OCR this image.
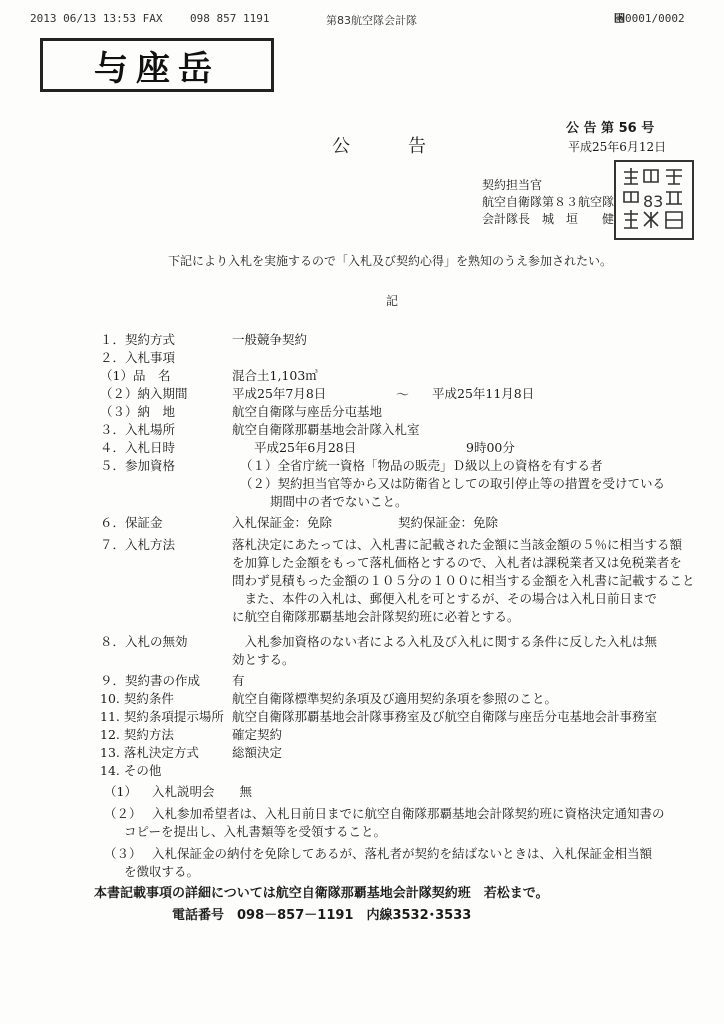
2013 06/13 13:53 FAX	098 857 1191	第83航空隊会計隊	⑖0001/0002
与座岳
公 告 第 56 号
平成25年6月12日
公告
契約担当官
航空自衛隊第８３航空隊
会計隊長　城　垣　　健
83
下記により入札を実施するので「入札及び契約心得」を熟知のうえ参加されたい。
記
１．契約方式	一般競争契約
２．入札事項
（1）品　名	混合土1,103㎥
（２）納入期間	平成25年7月8日	～ 平成25年11月8日
（３）納　地	航空自衛隊与座岳分屯基地
３．入札場所	航空自衛隊那覇基地会計隊入札室
４．入札日時	平成25年6月28日	9時00分
５．参加資格	（１）全省庁統一資格「物品の販売」Ｄ級以上の資格を有する者
（２）契約担当官等から又は防衛省としての取引停止等の措置を受けている
期間中の者でないこと。
６．保証金	入札保証金：免除	契約保証金：免除
７．入札方法	落札決定にあたっては、入札書に記載された金額に当該金額の５％に相当する額
を加算した金額をもって落札価格とするので、入札者は課税業者又は免税業者を
問わず見積もった金額の１０５分の１００に相当する金額を入札書に記載すること
　また、本件の入札は、郵便入札を可とするが、その場合は入札日前日まで
に航空自衛隊那覇基地会計隊契約班に必着とする。
８．入札の無効	　入札参加資格のない者による入札及び入札に関する条件に反した入札は無
効とする。
９．契約書の作成	有
10. 契約条件	航空自衛隊標準契約条項及び適用契約条項を参照のこと。
11. 契約条項提示場所 航空自衛隊那覇基地会計隊事務室及び航空自衛隊与座岳分屯基地会計事務室
12. 契約方法	確定契約
13. 落札決定方式	総額決定
14. その他
（1） 入札説明会　　無
（２） 入札参加希望者は、入札日前日までに航空自衛隊那覇基地会計隊契約班に資格決定通知書の
コピーを提出し、入札書類等を受領すること。
（３） 入札保証金の納付を免除してあるが、落札者が契約を結ばないときは、入札保証金相当額
を徴収する。
本書記載事項の詳細については航空自衛隊那覇基地会計隊契約班　若松まで。
電話番号　098－857－1191　内線3532･3533
